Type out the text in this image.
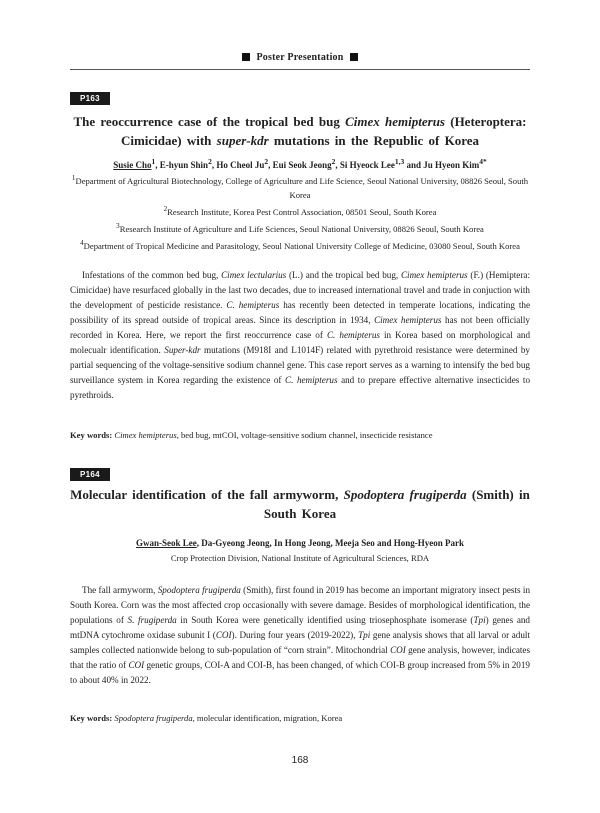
Poster Presentation
P163
The reoccurrence case of the tropical bed bug Cimex hemipterus (Heteroptera: Cimicidae) with super-kdr mutations in the Republic of Korea
Susie Cho$^1$, E-hyun Shin$^2$, Ho Cheol Ju$^2$, Eui Seok Jeong$^2$, Si Hyeock Lee$^{1,3}$ and Ju Hyeon Kim$^{4*}$
$^1$Department of Agricultural Biotechnology, College of Agriculture and Life Science, Seoul National University, 08826 Seoul, South Korea
$^2$Research Institute, Korea Pest Control Association, 08501 Seoul, South Korea
$^3$Research Institute of Agriculture and Life Sciences, Seoul National University, 08826 Seoul, South Korea
$^4$Department of Tropical Medicine and Parasitology, Seoul National University College of Medicine, 03080 Seoul, South Korea

Infestations of the common bed bug, Cimex lectularius (L.) and the tropical bed bug, Cimex hemipterus (F.) (Hemiptera: Cimicidae) have resurfaced globally in the last two decades, due to increased international travel and trade in conjuction with the development of pesticide resistance. C. hemipterus has recently been detected in temperate locations, indicating the possibility of its spread outside of tropical areas. Since its description in 1934, Cimex hemipterus has not been officially recorded in Korea. Here, we report the first reoccurrence case of C. hemipterus in Korea based on morphological and molecualr identification. Super-kdr mutations (M918I and L1014F) related with pyrethroid resistance were determined by partial sequencing of the voltage-sensitive sodium channel gene. This case report serves as a warning to intensify the bed bug surveillance system in Korea regarding the existence of C. hemipterus and to prepare effective alternative insecticides to pyrethroids.

Key words: Cimex hemipterus, bed bug, mtCOI, voltage-sensitive sodium channel, insecticide resistance
P164
Molecular identification of the fall armyworm, Spodoptera frugiperda (Smith) in South Korea
Gwan-Seok Lee, Da-Gyeong Jeong, In Hong Jeong, Meeja Seo and Hong-Hyeon Park
Crop Protection Division, National Institute of Agricultural Sciences, RDA

The fall armyworm, Spodoptera frugiperda (Smith), first found in 2019 has become an important migratory insect pests in South Korea. Corn was the most affected crop occasionally with severe damage. Besides of morphological identification, the populations of S. frugiperda in South Korea were genetically identified using triosephosphate isomerase (Tpi) genes and mtDNA cytochrome oxidase subunit I (COI). During four years (2019-2022), Tpi gene analysis shows that all larval or adult samples collected nationwide belong to sub-population of “corn strain”. Mitochondrial COI gene analysis, however, indicates that the ratio of COI genetic groups, COI-A and COI-B, has been changed, of which COI-B group increased from 5% in 2019 to about 40% in 2022.

Key words: Spodoptera frugiperda, molecular identification, migration, Korea
168
